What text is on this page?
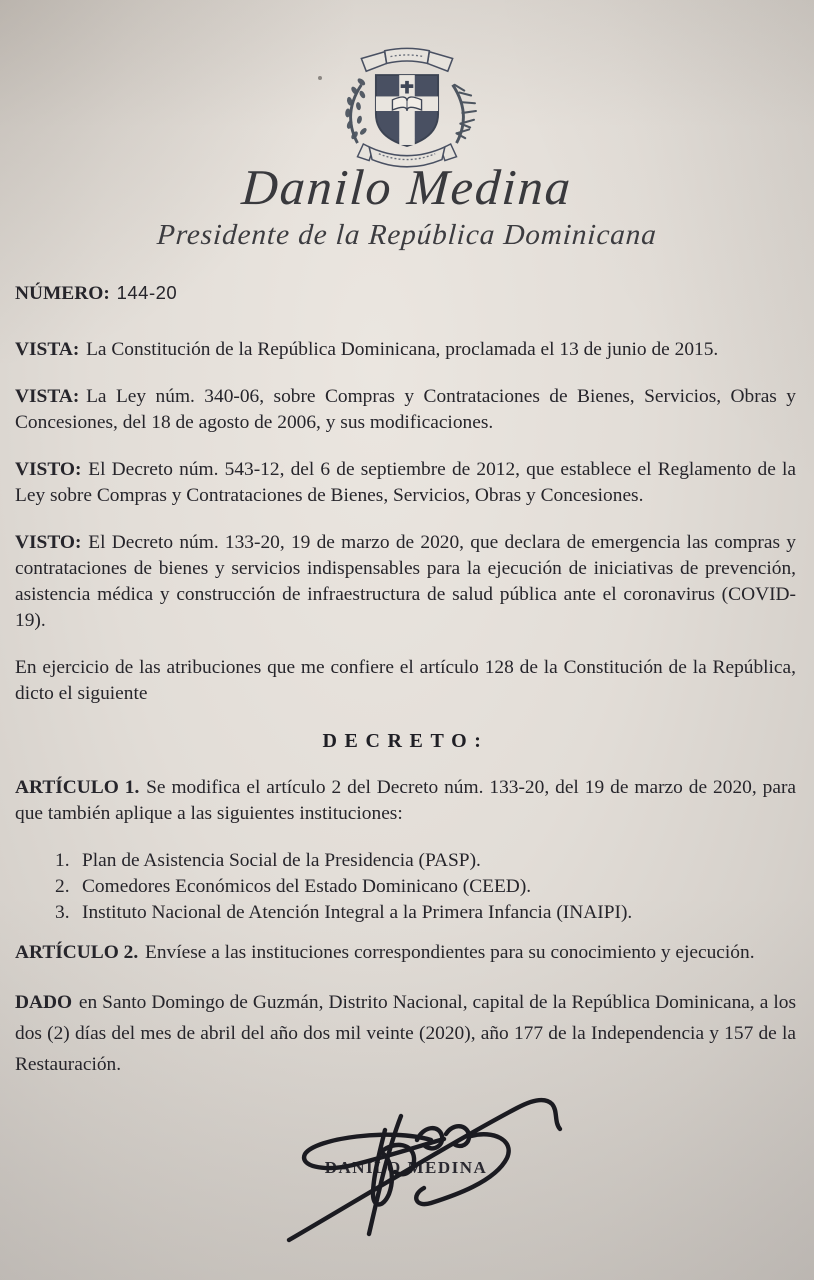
Danilo Medina
Presidente de la República Dominicana

NÚMERO: 144-20

VISTA: La Constitución de la República Dominicana, proclamada el 13 de junio de 2015.

VISTA: La Ley núm. 340-06, sobre Compras y Contrataciones de Bienes, Servicios, Obras y Concesiones, del 18 de agosto de 2006, y sus modificaciones.

VISTO: El Decreto núm. 543-12, del 6 de septiembre de 2012, que establece el Reglamento de la Ley sobre Compras y Contrataciones de Bienes, Servicios, Obras y Concesiones.

VISTO: El Decreto núm. 133-20, 19 de marzo de 2020, que declara de emergencia las compras y contrataciones de bienes y servicios indispensables para la ejecución de iniciativas de prevención, asistencia médica y construcción de infraestructura de salud pública ante el coronavirus (COVID-19).

En ejercicio de las atribuciones que me confiere el artículo 128 de la Constitución de la República, dicto el siguiente

DECRETO:

ARTÍCULO 1. Se modifica el artículo 2 del Decreto núm. 133-20, del 19 de marzo de 2020, para que también aplique a las siguientes instituciones:

1. Plan de Asistencia Social de la Presidencia (PASP).
2. Comedores Económicos del Estado Dominicano (CEED).
3. Instituto Nacional de Atención Integral a la Primera Infancia (INAIPI).

ARTÍCULO 2. Envíese a las instituciones correspondientes para su conocimiento y ejecución.

DADO en Santo Domingo de Guzmán, Distrito Nacional, capital de la República Dominicana, a los dos (2) días del mes de abril del año dos mil veinte (2020), año 177 de la Independencia y 157 de la Restauración.

DANILO MEDINA
